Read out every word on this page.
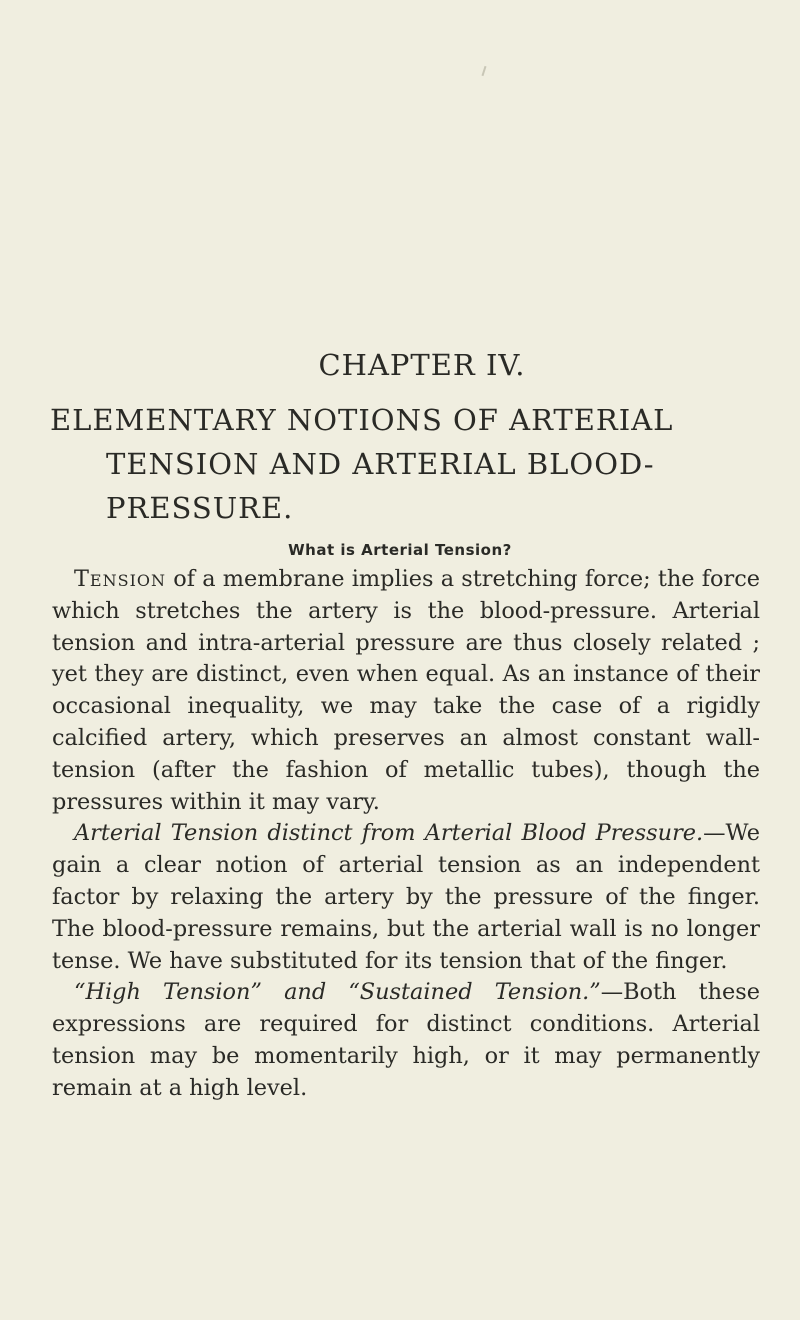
CHAPTER IV.
ELEMENTARY NOTIONS OF ARTERIAL
TENSION AND ARTERIAL BLOOD-
PRESSURE.
What is Arterial Tension?

Tension of a membrane implies a stretching force; the force which stretches the artery is the blood-pressure. Arterial tension and intra-arterial pressure are thus closely related ; yet they are distinct, even when equal. As an instance of their occasional inequality, we may take the case of a rigidly calcified artery, which preserves an almost constant wall-tension (after the fashion of metallic tubes), though the pressures within it may vary.

Arterial Tension distinct from Arterial Blood Pressure.—We gain a clear notion of arterial tension as an independent factor by relaxing the artery by the pressure of the finger. The blood-pressure remains, but the arterial wall is no longer tense. We have substituted for its tension that of the finger.

“High Tension” and “Sustained Tension.”—Both these expressions are required for distinct conditions. Arterial tension may be momentarily high, or it may permanently remain at a high level.
